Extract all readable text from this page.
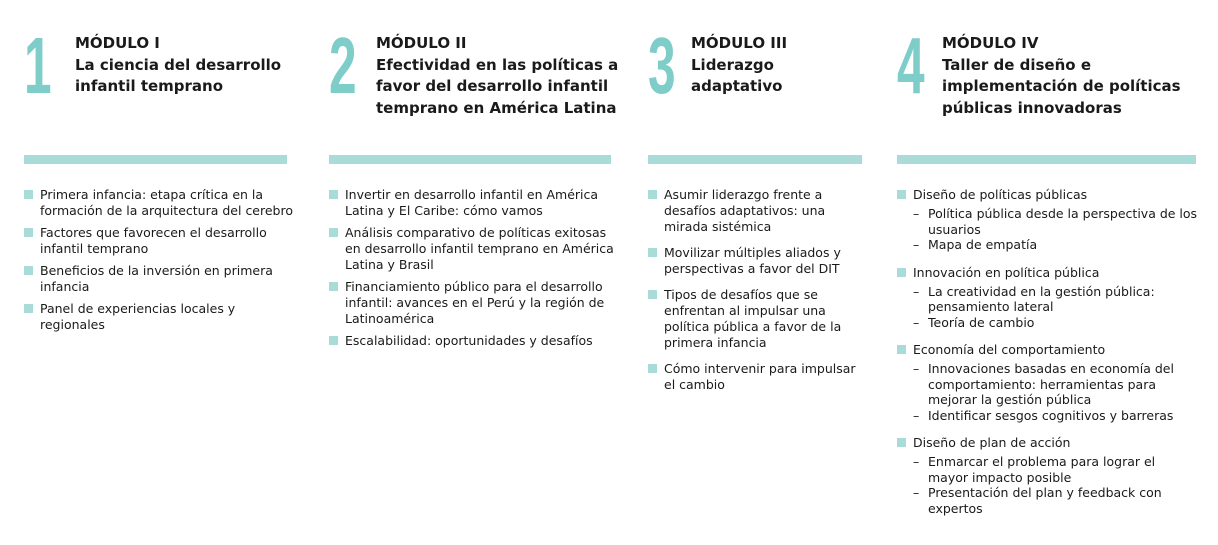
1 MÓDULO I
La ciencia del desarrollo infantil temprano
Primera infancia: etapa crítica en la formación de la arquitectura del cerebro
Factores que favorecen el desarrollo infantil temprano
Beneficios de la inversión en primera infancia
Panel de experiencias locales y regionales
2 MÓDULO II
Efectividad en las políticas a favor del desarrollo infantil temprano en América Latina
Invertir en desarrollo infantil en América Latina y El Caribe: cómo vamos
Análisis comparativo de políticas exitosas en desarrollo infantil temprano en América Latina y Brasil
Financiamiento público para el desarrollo infantil: avances en el Perú y la región de Latinoamérica
Escalabilidad: oportunidades y desafíos
3 MÓDULO III
Liderazgo adaptativo
Asumir liderazgo frente a desafíos adaptativos: una mirada sistémica
Movilizar múltiples aliados y perspectivas a favor del DIT
Tipos de desafíos que se enfrentan al impulsar una política pública a favor de la primera infancia
Cómo intervenir para impulsar el cambio
4 MÓDULO IV
Taller de diseño e implementación de políticas públicas innovadoras
Diseño de políticas públicas
– Política pública desde la perspectiva de los usuarios
– Mapa de empatía
Innovación en política pública
– La creatividad en la gestión pública: pensamiento lateral
– Teoría de cambio
Economía del comportamiento
– Innovaciones basadas en economía del comportamiento: herramientas para mejorar la gestión pública
– Identificar sesgos cognitivos y barreras
Diseño de plan de acción
– Enmarcar el problema para lograr el mayor impacto posible
– Presentación del plan y feedback con expertos
